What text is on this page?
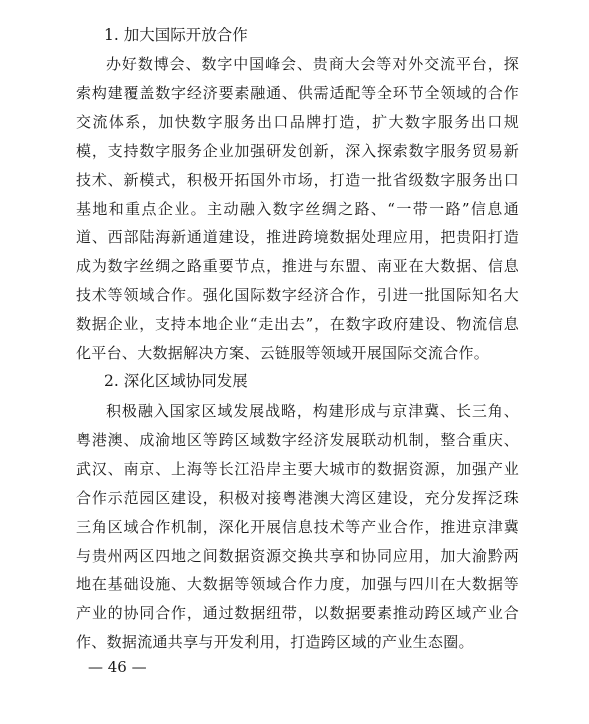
1. 加大国际开放合作

办好数博会、数字中国峰会、贵商大会等对外交流平台，探索构建覆盖数字经济要素融通、供需适配等全环节全领域的合作交流体系，加快数字服务出口品牌打造，扩大数字服务出口规模，支持数字服务企业加强研发创新，深入探索数字服务贸易新技术、新模式，积极开拓国外市场，打造一批省级数字服务出口基地和重点企业。主动融入数字丝绸之路、“一带一路”信息通道、西部陆海新通道建设，推进跨境数据处理应用，把贵阳打造成为数字丝绸之路重要节点，推进与东盟、南亚在大数据、信息技术等领域合作。强化国际数字经济合作，引进一批国际知名大数据企业，支持本地企业“走出去”，在数字政府建设、物流信息化平台、大数据解决方案、云链服等领域开展国际交流合作。

2. 深化区域协同发展

积极融入国家区域发展战略，构建形成与京津冀、长三角、粤港澳、成渝地区等跨区域数字经济发展联动机制，整合重庆、武汉、南京、上海等长江沿岸主要大城市的数据资源，加强产业合作示范园区建设，积极对接粤港澳大湾区建设，充分发挥泛珠三角区域合作机制，深化开展信息技术等产业合作，推进京津冀与贵州两区四地之间数据资源交换共享和协同应用，加大渝黔两地在基础设施、大数据等领域合作力度，加强与四川在大数据等产业的协同合作，通过数据纽带，以数据要素推动跨区域产业合作、数据流通共享与开发利用，打造跨区域的产业生态圈。

— 46 —
